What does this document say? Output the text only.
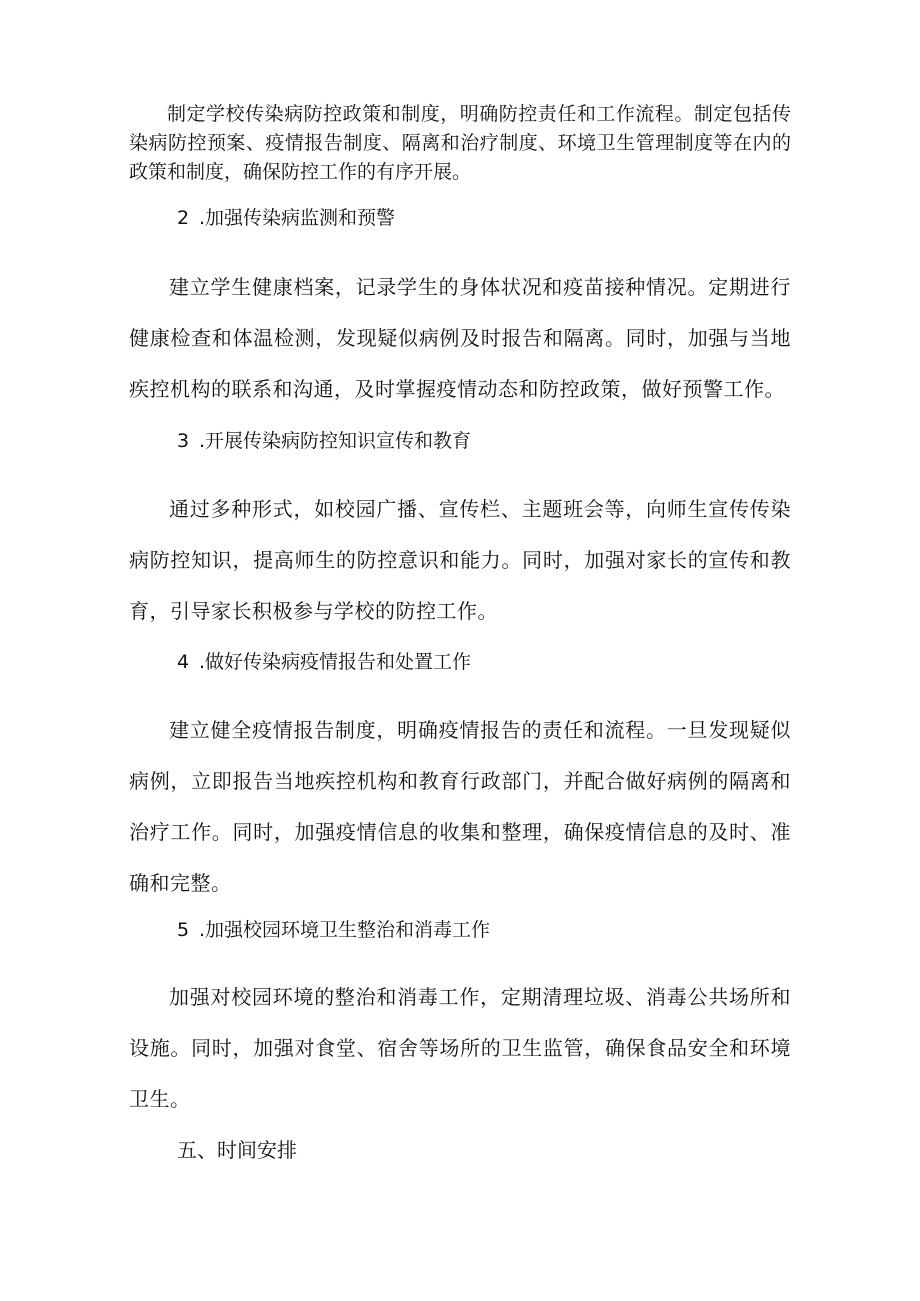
制定学校传染病防控政策和制度，明确防控责任和工作流程。制定包括传染病防控预案、疫情报告制度、隔离和治疗制度、环境卫生管理制度等在内的政策和制度，确保防控工作的有序开展。

2 .加强传染病监测和预警

建立学生健康档案，记录学生的身体状况和疫苗接种情况。定期进行健康检查和体温检测，发现疑似病例及时报告和隔离。同时，加强与当地疾控机构的联系和沟通，及时掌握疫情动态和防控政策，做好预警工作。

3 .开展传染病防控知识宣传和教育

通过多种形式，如校园广播、宣传栏、主题班会等，向师生宣传传染病防控知识，提高师生的防控意识和能力。同时，加强对家长的宣传和教育，引导家长积极参与学校的防控工作。

4 .做好传染病疫情报告和处置工作

建立健全疫情报告制度，明确疫情报告的责任和流程。一旦发现疑似病例，立即报告当地疾控机构和教育行政部门，并配合做好病例的隔离和治疗工作。同时，加强疫情信息的收集和整理，确保疫情信息的及时、准确和完整。

5 .加强校园环境卫生整治和消毒工作

加强对校园环境的整治和消毒工作，定期清理垃圾、消毒公共场所和设施。同时，加强对食堂、宿舍等场所的卫生监管，确保食品安全和环境卫生。

五、时间安排
